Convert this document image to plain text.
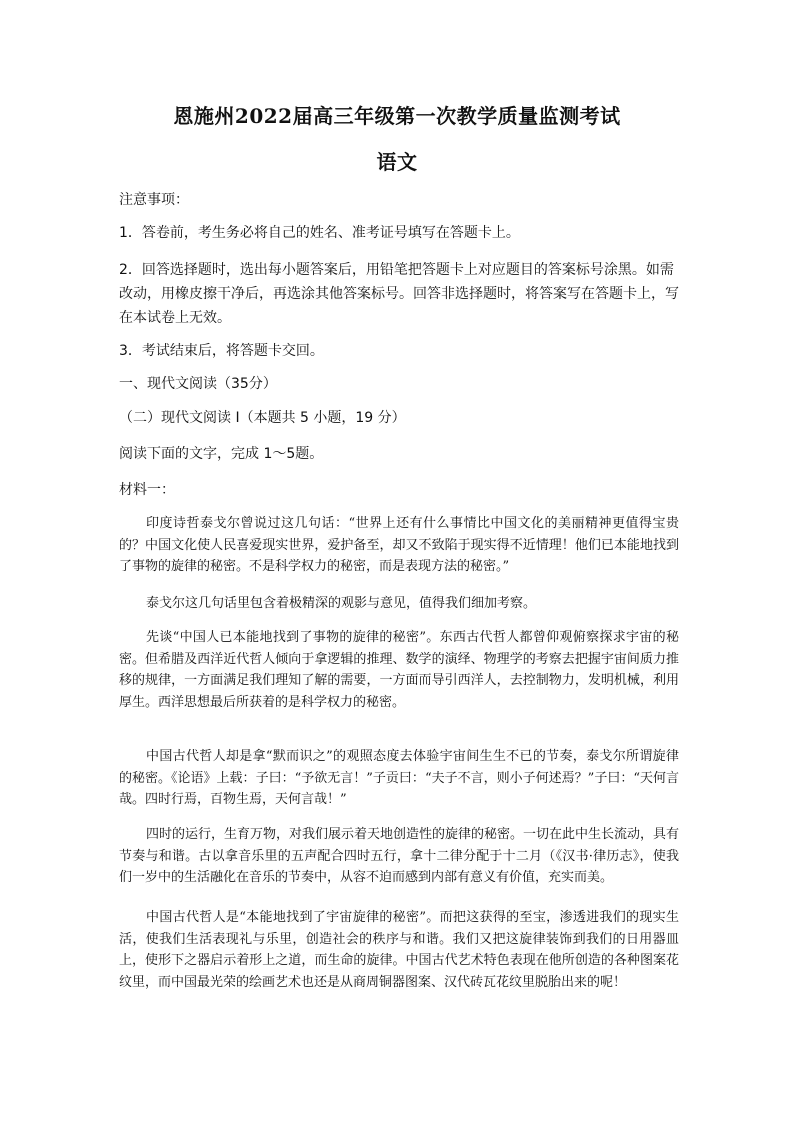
恩施州2022届高三年级第一次教学质量监测考试
语文
注意事项：
1．答卷前，考生务必将自己的姓名、准考证号填写在答题卡上。
2．回答选择题时，选出每小题答案后，用铅笔把答题卡上对应题目的答案标号涂黑。如需改动，用橡皮擦干净后，再选涂其他答案标号。回答非选择题时，将答案写在答题卡上，写在本试卷上无效。
3．考试结束后，将答题卡交回。
一、现代文阅读（35分）
（二）现代文阅读 I（本题共 5 小题，19 分）
阅读下面的文字，完成 1～5题。
材料一：
印度诗哲泰戈尔曾说过这几句话：“世界上还有什么事情比中国文化的美丽精神更值得宝贵的？中国文化使人民喜爱现实世界，爱护备至，却又不致陷于现实得不近情理！他们已本能地找到了事物的旋律的秘密。不是科学权力的秘密，而是表现方法的秘密。”
泰戈尔这几句话里包含着极精深的观影与意见，值得我们细加考察。
先谈“中国人已本能地找到了事物的旋律的秘密”。东西古代哲人都曾仰观俯察探求宇宙的秘密。但希腊及西洋近代哲人倾向于拿逻辑的推理、数学的演绎、物理学的考察去把握宇宙间质力推移的规律，一方面满足我们理知了解的需要，一方面而导引西洋人，去控制物力，发明机械，利用厚生。西洋思想最后所获着的是科学权力的秘密。
中国古代哲人却是拿“默而识之”的观照态度去体验宇宙间生生不已的节奏，泰戈尔所谓旋律的秘密。《论语》上载：子曰：“予欲无言！”子贡曰：“夫子不言，则小子何述焉？”子曰：“天何言哉。四时行焉，百物生焉，天何言哉！”
四时的运行，生育万物，对我们展示着天地创造性的旋律的秘密。一切在此中生长流动，具有节奏与和谐。古以拿音乐里的五声配合四时五行，拿十二律分配于十二月（《汉书·律历志》，使我们一岁中的生活融化在音乐的节奏中，从容不迫而感到内部有意义有价值，充实而美。
中国古代哲人是“本能地找到了宇宙旋律的秘密”。而把这获得的至宝，渗透进我们的现实生活，使我们生活表现礼与乐里，创造社会的秩序与和谐。我们又把这旋律装饰到我们的日用器皿上，使形下之器启示着形上之道，而生命的旋律。中国古代艺术特色表现在他所创造的各种图案花纹里，而中国最光荣的绘画艺术也还是从商周铜器图案、汉代砖瓦花纹里脱胎出来的呢！
